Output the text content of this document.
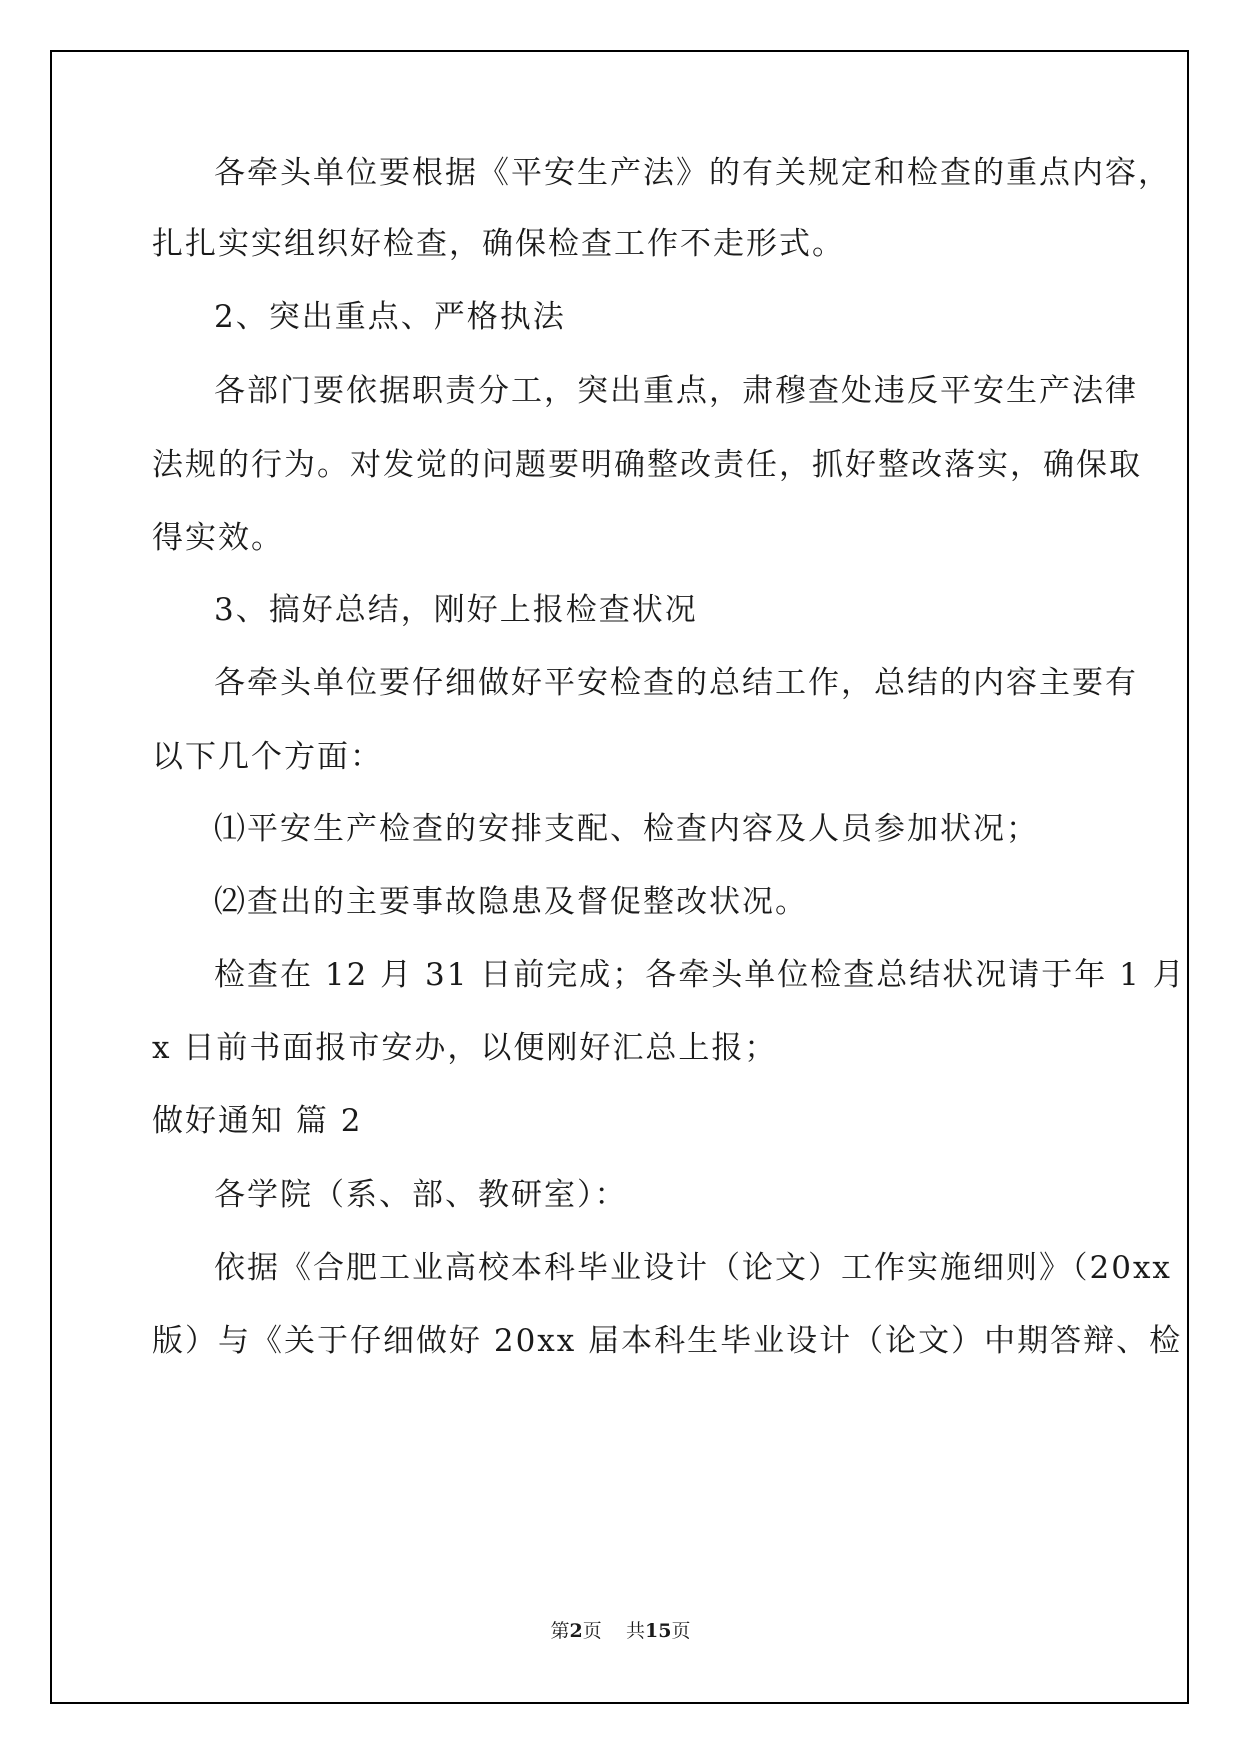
各牵头单位要根据《平安生产法》的有关规定和检查的重点内容，
扎扎实实组织好检查，确保检查工作不走形式。
2、突出重点、严格执法
各部门要依据职责分工，突出重点，肃穆查处违反平安生产法律
法规的行为。对发觉的问题要明确整改责任，抓好整改落实，确保取
得实效。
3、搞好总结，刚好上报检查状况
各牵头单位要仔细做好平安检查的总结工作，总结的内容主要有
以下几个方面：
⑴平安生产检查的安排支配、检查内容及人员参加状况；
⑵查出的主要事故隐患及督促整改状况。
检查在 12 月 31 日前完成；各牵头单位检查总结状况请于年 1 月
x 日前书面报市安办，以便刚好汇总上报；
做好通知 篇 2
各学院（系、部、教研室）：
依据《合肥工业高校本科毕业设计（论文）工作实施细则》（20xx
版）与《关于仔细做好 20xx 届本科生毕业设计（论文）中期答辩、检
第2页 共15页
